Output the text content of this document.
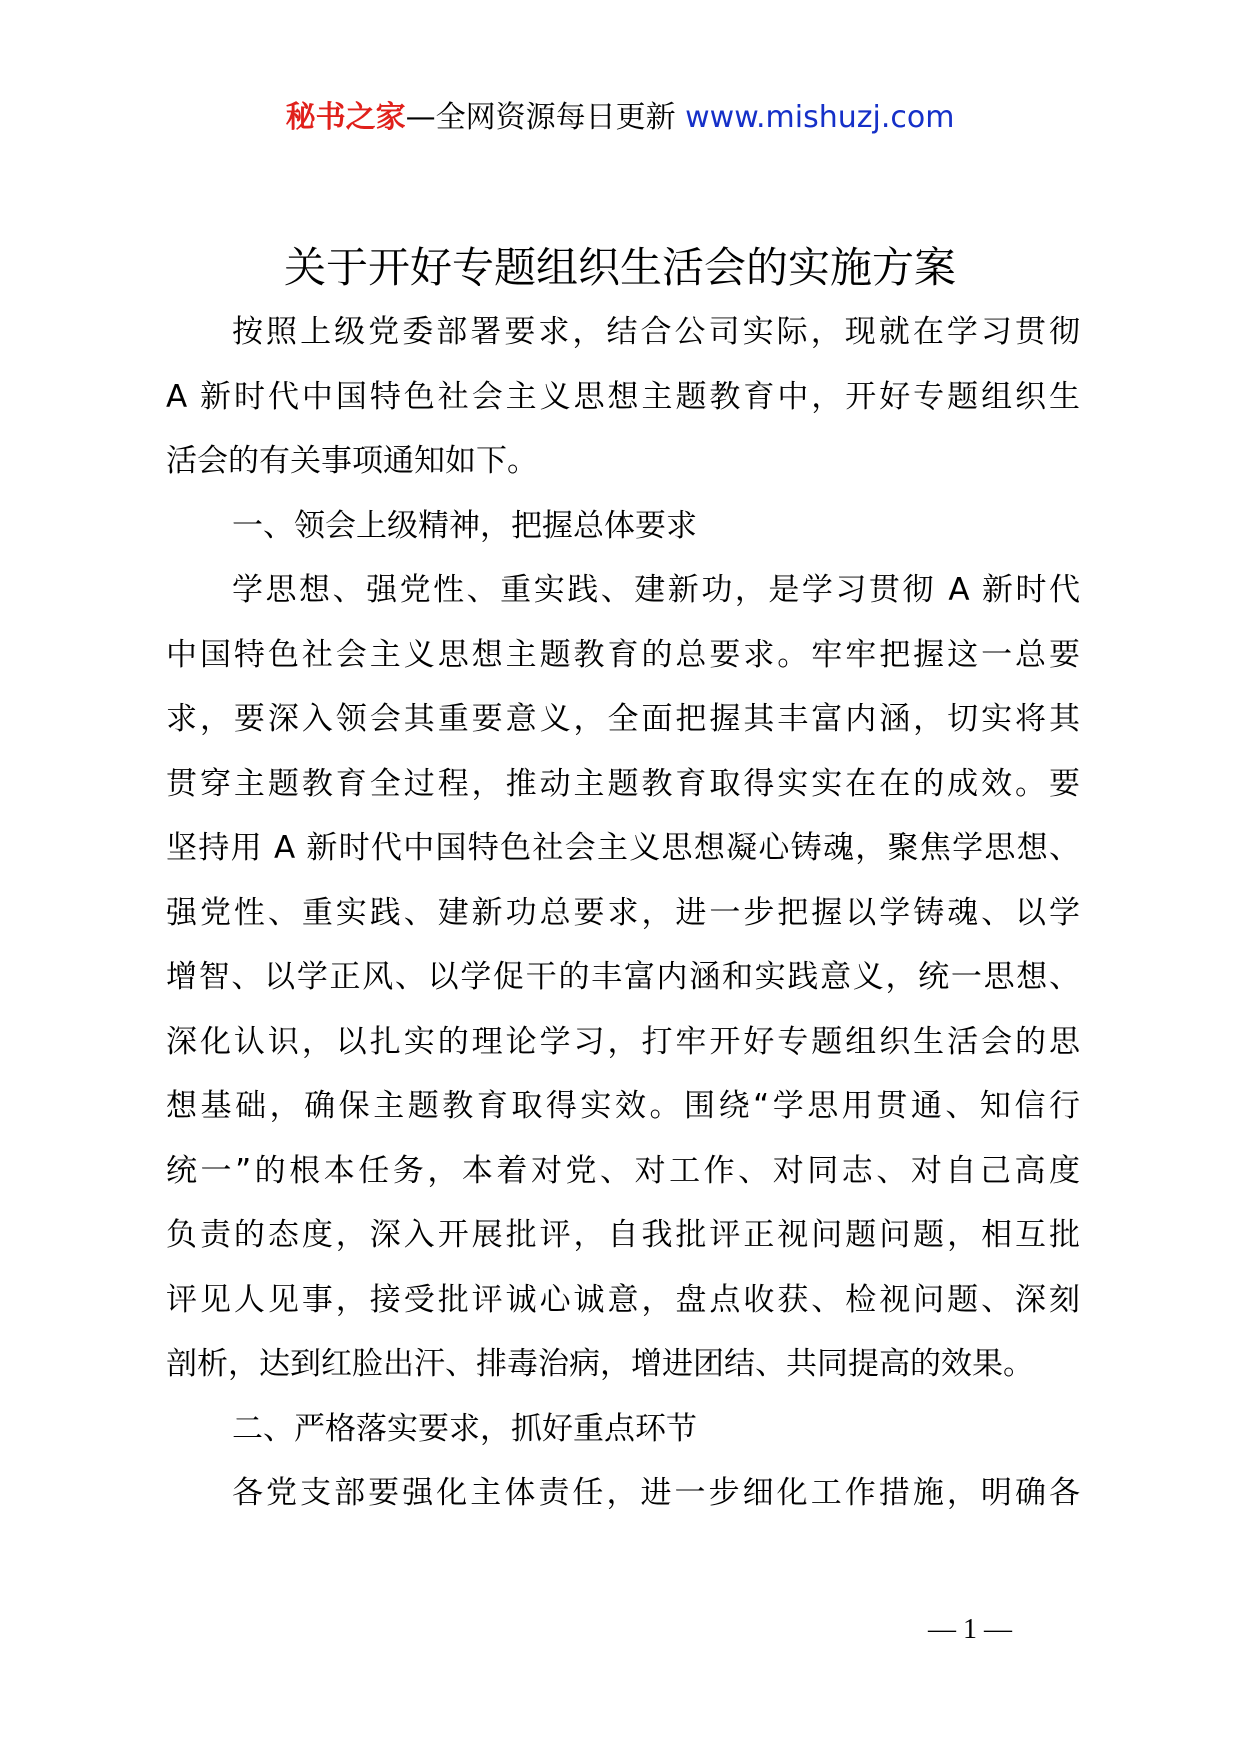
秘书之家—全网资源每日更新 www.mishuzj.com
关于开好专题组织生活会的实施方案
按照上级党委部署要求，结合公司实际，现就在学习贯彻
A 新时代中国特色社会主义思想主题教育中，开好专题组织生
活会的有关事项通知如下。
一、领会上级精神，把握总体要求
学思想、强党性、重实践、建新功，是学习贯彻 A 新时代
中国特色社会主义思想主题教育的总要求。牢牢把握这一总要
求，要深入领会其重要意义，全面把握其丰富内涵，切实将其
贯穿主题教育全过程，推动主题教育取得实实在在的成效。要
坚持用 A 新时代中国特色社会主义思想凝心铸魂，聚焦学思想、
强党性、重实践、建新功总要求，进一步把握以学铸魂、以学
增智、以学正风、以学促干的丰富内涵和实践意义，统一思想、
深化认识，以扎实的理论学习，打牢开好专题组织生活会的思
想基础，确保主题教育取得实效。围绕“学思用贯通、知信行
统一”的根本任务，本着对党、对工作、对同志、对自己高度
负责的态度，深入开展批评，自我批评正视问题问题，相互批
评见人见事，接受批评诚心诚意，盘点收获、检视问题、深刻
剖析，达到红脸出汗、排毒治病，增进团结、共同提高的效果。
二、严格落实要求，抓好重点环节
各党支部要强化主体责任，进一步细化工作措施，明确各
— 1 —
